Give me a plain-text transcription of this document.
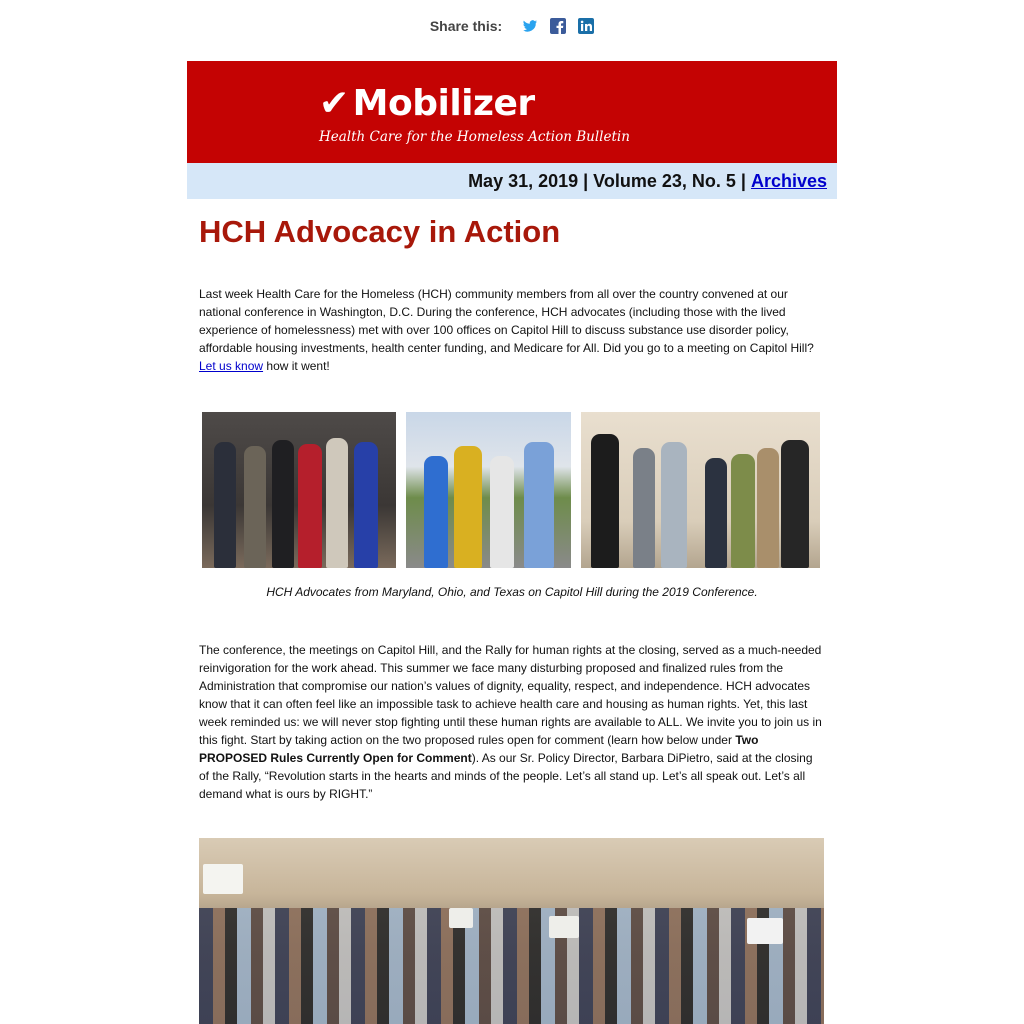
Share this:
✔ Mobilizer
Health Care for the Homeless Action Bulletin
May 31, 2019 | Volume 23, No. 5 |
Archives
HCH Advocacy in Action

Last week Health Care for the Homeless (HCH) community members from all over the country convened at our national conference in Washington, D.C. During the conference, HCH advocates (including those with the lived experience of homelessness) met with over 100 offices on Capitol Hill to discuss substance use disorder policy, affordable housing investments, health center funding, and Medicare for All. Did you go to a meeting on Capitol Hill? Let us know how it went!

HCH Advocates from Maryland, Ohio, and Texas on Capitol Hill during the 2019 Conference.

The conference, the meetings on Capitol Hill, and the Rally for human rights at the closing, served as a much-needed reinvigoration for the work ahead. This summer we face many disturbing proposed and finalized rules from the Administration that compromise our nation’s values of dignity, equality, respect, and independence. HCH advocates know that it can often feel like an impossible task to achieve health care and housing as human rights. Yet, this last week reminded us: we will never stop fighting until these human rights are available to ALL. We invite you to join us in this fight. Start by taking action on the two proposed rules open for comment (learn how below under Two PROPOSED Rules Currently Open for Comment). As our Sr. Policy Director, Barbara DiPietro, said at the closing of the Rally, “Revolution starts in the hearts and minds of the people. Let’s all stand up. Let’s all speak out. Let’s all demand what is ours by RIGHT.”
